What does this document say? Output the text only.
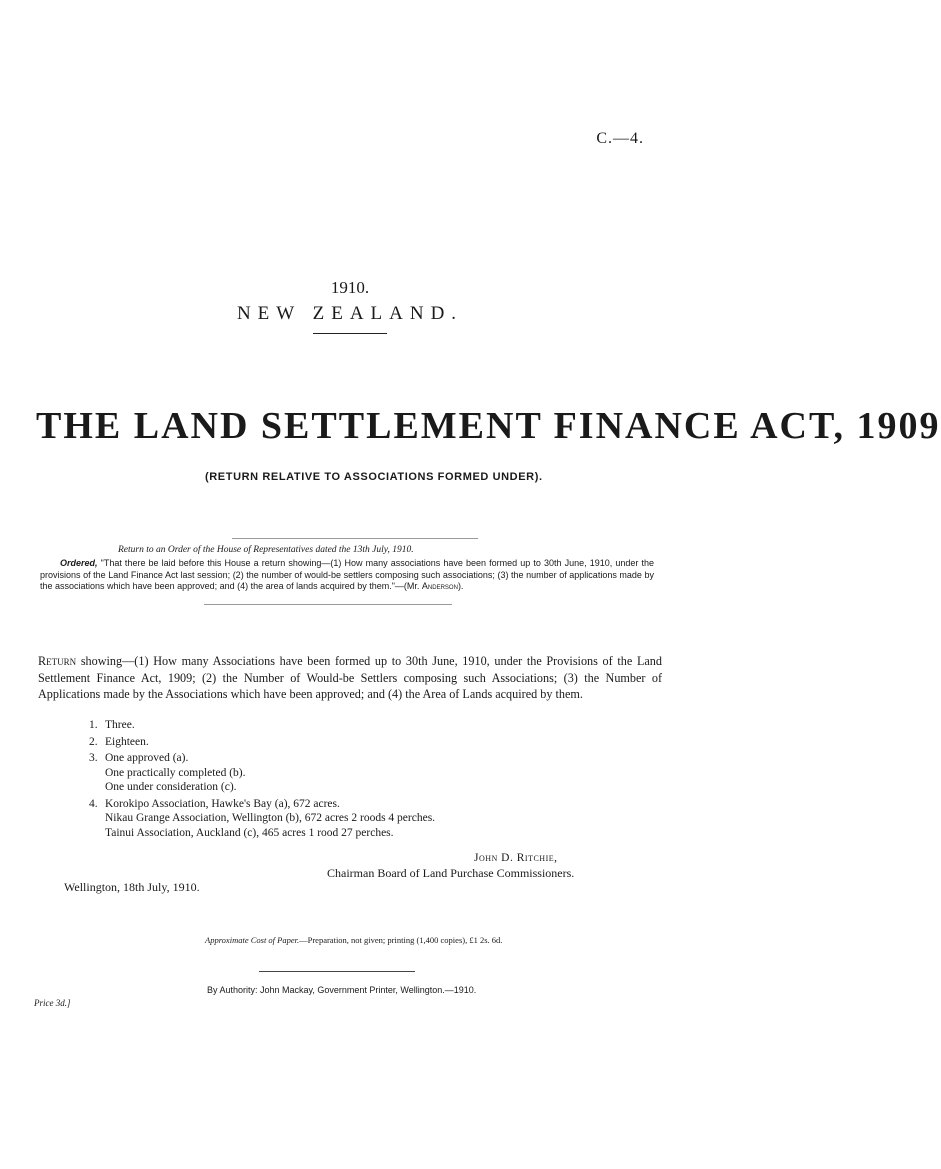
C.—4.
1910.
NEW ZEALAND.
THE LAND SETTLEMENT FINANCE ACT, 1909
(RETURN RELATIVE TO ASSOCIATIONS FORMED UNDER).
Return to an Order of the House of Representatives dated the 13th July, 1910.
Ordered, "That there be laid before this House a return showing—(1) How many associations have been formed up to 30th June, 1910, under the provisions of the Land Finance Act last session; (2) the number of would-be settlers composing such associations; (3) the number of applications made by the associations which have been approved; and (4) the area of lands acquired by them."—(Mr. Anderson).
Return showing—(1) How many Associations have been formed up to 30th June, 1910, under the Provisions of the Land Settlement Finance Act, 1909; (2) the Number of Would-be Settlers composing such Associations; (3) the Number of Applications made by the Associations which have been approved; and (4) the Area of Lands acquired by them.
1. Three.
2. Eighteen.
3. One approved (a).
One practically completed (b).
One under consideration (c).
4. Korokipo Association, Hawke's Bay (a), 672 acres.
Nikau Grange Association, Wellington (b), 672 acres 2 roods 4 perches.
Tainui Association, Auckland (c), 465 acres 1 rood 27 perches.
John D. Ritchie,
Chairman Board of Land Purchase Commissioners.
Wellington, 18th July, 1910.
Approximate Cost of Paper.—Preparation, not given; printing (1,400 copies), £1 2s. 6d.
By Authority: John Mackay, Government Printer, Wellington.—1910.
Price 3d.]
